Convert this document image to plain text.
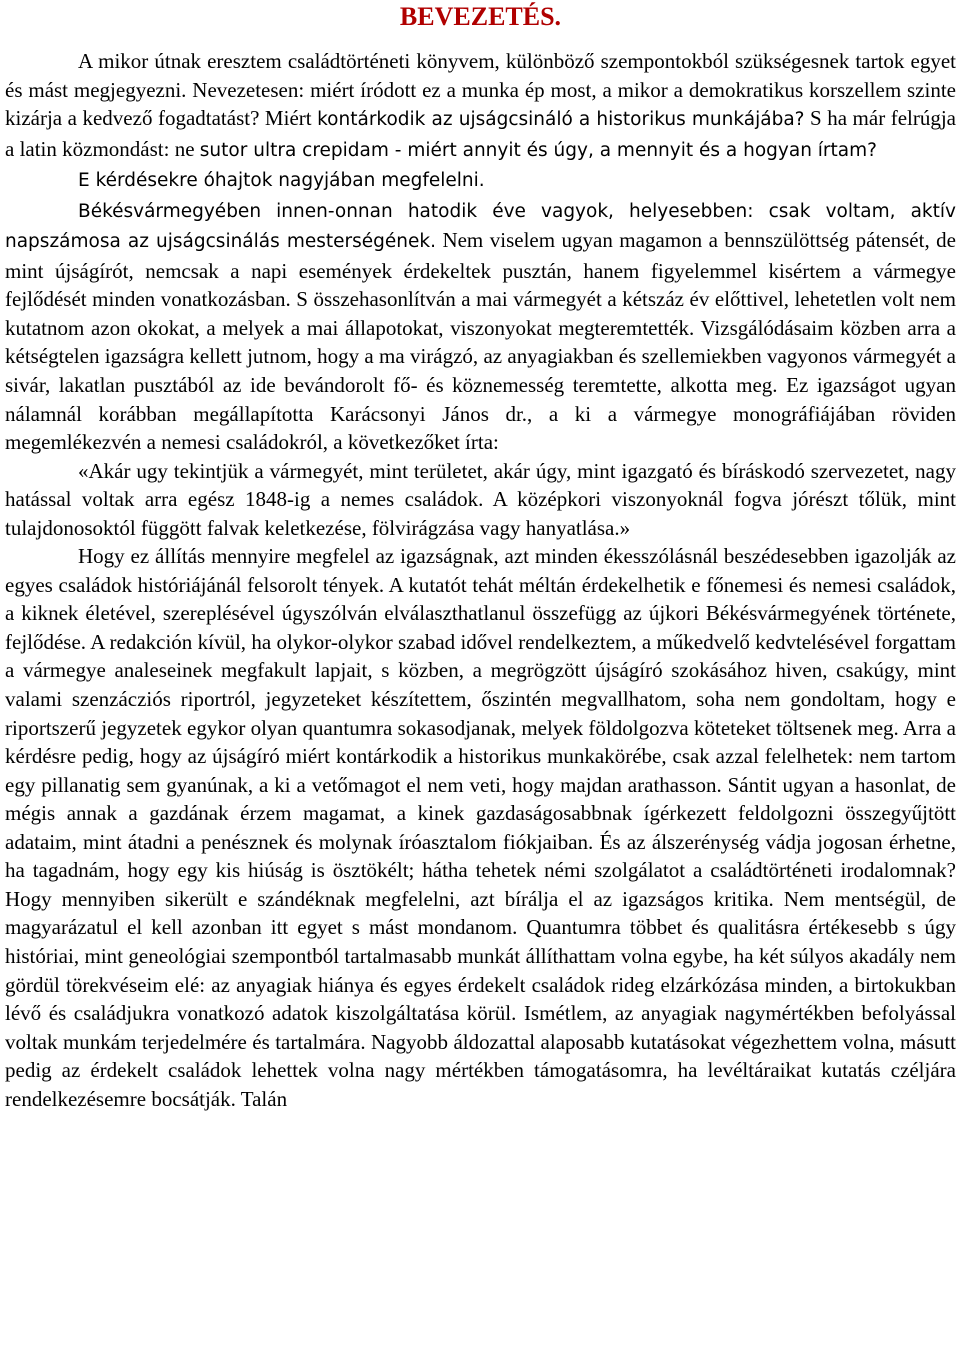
BEVEZETÉS.

A mikor útnak eresztem családtörténeti könyvem, különböző szempontokból szükségesnek tartok egyet és mást megjegyezni. Nevezetesen: miért íródott ez a munka ép most, a mikor a demokratikus korszellem szinte kizárja a kedvező fogadtatást? Miért kontárkodik az ujságcsináló a historikus munkájába? S ha már felrúgja a latin közmondást: ne sutor ultra crepidam - miért annyit és úgy, a mennyit és a hogyan írtam?

E kérdésekre óhajtok nagyjában megfelelni.

Békésvármegyében innen-onnan hatodik éve vagyok, helyesebben: csak voltam, aktív napszámosa az ujságcsinálás mesterségének. Nem viselem ugyan magamon a bennszülöttség pátensét, de mint újságírót, nemcsak a napi események érdekeltek pusztán, hanem figyelemmel kisértem a vármegye fejlődését minden vonatkozásban. S összehasonlítván a mai vármegyét a kétszáz év előttivel, lehetetlen volt nem kutatnom azon okokat, a melyek a mai állapotokat, viszonyokat megteremtették. Vizsgálódásaim közben arra a kétségtelen igazságra kellett jutnom, hogy a ma virágzó, az anyagiakban és szellemiekben vagyonos vármegyét a sivár, lakatlan pusztából az ide bevándorolt fő- és köznemesség teremtette, alkotta meg. Ez igazságot ugyan nálamnál korábban megállapította Karácsonyi János dr., a ki a vármegye monográfiájában röviden megemlékezvén a nemesi családokról, a következőket írta:

«Akár ugy tekintjük a vármegyét, mint területet, akár úgy, mint igazgató és bíráskodó szervezetet, nagy hatással voltak arra egész 1848-ig a nemes családok. A középkori viszonyoknál fogva jórészt tőlük, mint tulajdonosoktól függött falvak keletkezése, fölvirágzása vagy hanyatlása.»

Hogy ez állítás mennyire megfelel az igazságnak, azt minden ékesszólásnál beszédesebben igazolják az egyes családok históriájánál felsorolt tények. A kutatót tehát méltán érdekelhetik e főnemesi és nemesi családok, a kiknek életével, szereplésével úgyszólván elválaszthatlanul összefügg az újkori Békésvármegyének története, fejlődése. A redakción kívül, ha olykor-olykor szabad idővel rendelkeztem, a műkedvelő kedvtelésével forgattam a vármegye analeseinek megfakult lapjait, s közben, a megrögzött újságíró szokásához hiven, csakúgy, mint valami szenzácziós riportról, jegyzeteket készítettem, őszintén megvallhatom, soha nem gondoltam, hogy e riportszerű jegyzetek egykor olyan quantumra sokasodjanak, melyek földolgozva köteteket töltsenek meg. Arra a kérdésre pedig, hogy az újságíró miért kontárkodik a historikus munkakörébe, csak azzal felelhetek: nem tartom egy pillanatig sem gyanúnak, a ki a vetőmagot el nem veti, hogy majdan arathasson. Sántit ugyan a hasonlat, de mégis annak a gazdának érzem magamat, a kinek gazdaságosabbnak ígérkezett feldolgozni összegyűjtött adataim, mint átadni a penésznek és molynak íróasztalom fiókjaiban. És az álszerénység vádja jogosan érhetne, ha tagadnám, hogy egy kis hiúság is ösztökélt; hátha tehetek némi szolgálatot a családtörténeti irodalomnak? Hogy mennyiben sikerült e szándéknak megfelelni, azt bírálja el az igazságos kritika. Nem mentségül, de magyarázatul el kell azonban itt egyet s mást mondanom. Quantumra többet és qualitásra értékesebb s úgy históriai, mint geneológiai szempontból tartalmasabb munkát állíthattam volna egybe, ha két súlyos akadály nem gördül törekvéseim elé: az anyagiak hiánya és egyes érdekelt családok rideg elzárkózása minden, a birtokukban lévő és családjukra vonatkozó adatok kiszolgáltatása körül. Ismétlem, az anyagiak nagymértékben befolyással voltak munkám terjedelmére és tartalmára. Nagyobb áldozattal alaposabb kutatásokat végezhettem volna, másutt pedig az érdekelt családok lehettek volna nagy mértékben támogatásomra, ha levéltáraikat kutatás czéljára rendelkezésemre bocsátják. Talán
